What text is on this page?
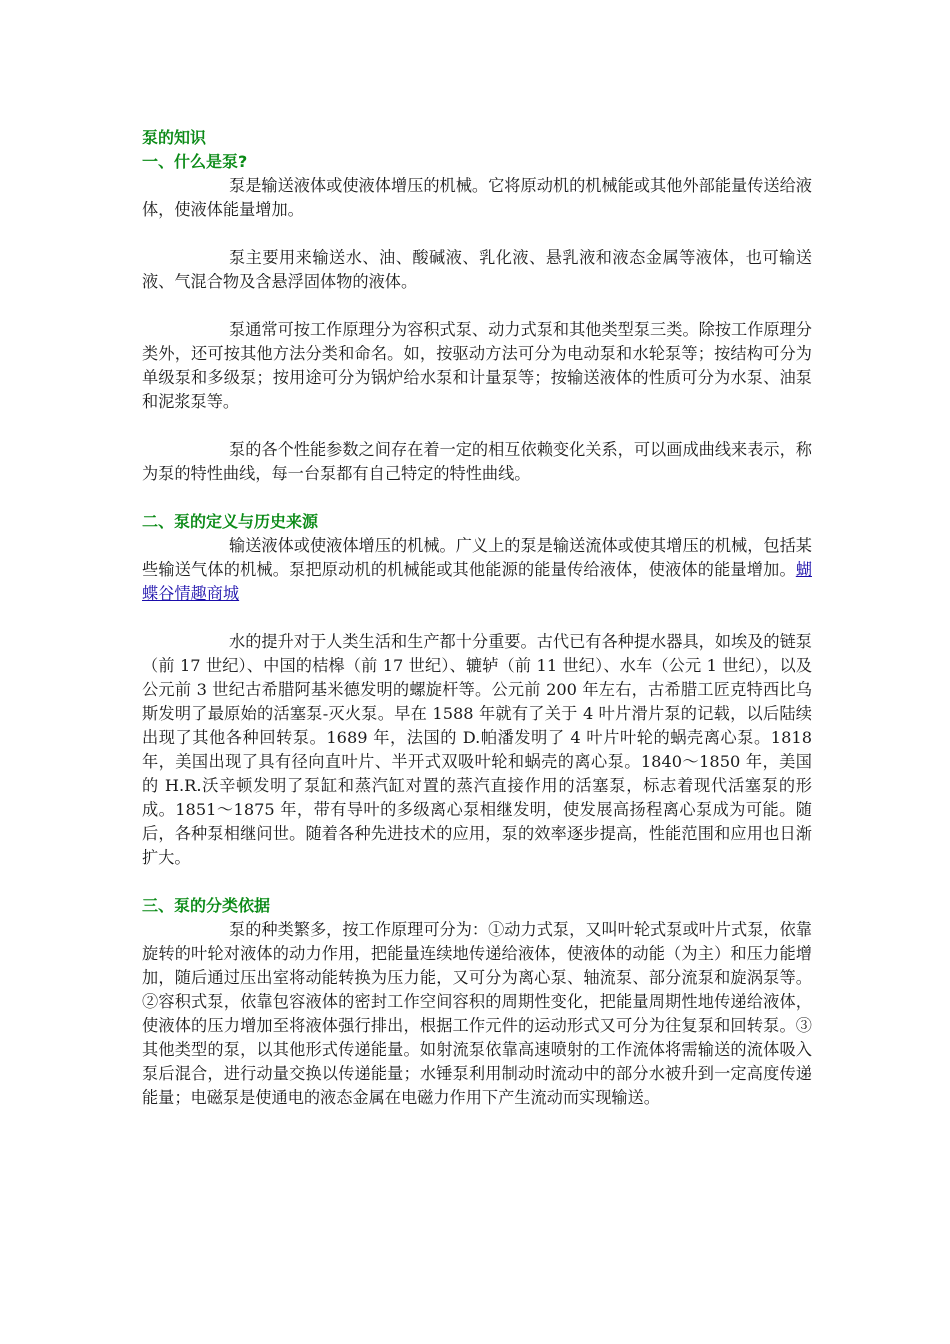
泵的知识

一、什么是泵?

泵是输送液体或使液体增压的机械。它将原动机的机械能或其他外部能量传送给液体，使液体能量增加。

泵主要用来输送水、油、酸碱液、乳化液、悬乳液和液态金属等液体，也可输送液、气混合物及含悬浮固体物的液体。

泵通常可按工作原理分为容积式泵、动力式泵和其他类型泵三类。除按工作原理分类外，还可按其他方法分类和命名。如，按驱动方法可分为电动泵和水轮泵等；按结构可分为单级泵和多级泵；按用途可分为锅炉给水泵和计量泵等；按输送液体的性质可分为水泵、油泵和泥浆泵等。

泵的各个性能参数之间存在着一定的相互依赖变化关系，可以画成曲线来表示，称为泵的特性曲线，每一台泵都有自己特定的特性曲线。

二、泵的定义与历史来源

输送液体或使液体增压的机械。广义上的泵是输送流体或使其增压的机械，包括某些输送气体的机械。泵把原动机的机械能或其他能源的能量传给液体，使液体的能量增加。蝴蝶谷情趣商城

水的提升对于人类生活和生产都十分重要。古代已有各种提水器具，如埃及的链泵（前 17 世纪）、中国的桔槔（前 17 世纪）、辘轳（前 11 世纪）、水车（公元 1 世纪），以及公元前 3 世纪古希腊阿基米德发明的螺旋杆等。公元前 200 年左右，古希腊工匠克特西比乌斯发明了最原始的活塞泵-灭火泵。早在 1588 年就有了关于 4 叶片滑片泵的记载，以后陆续出现了其他各种回转泵。1689 年，法国的 D.帕潘发明了 4 叶片叶轮的蜗壳离心泵。1818 年，美国出现了具有径向直叶片、半开式双吸叶轮和蜗壳的离心泵。1840～1850 年，美国的 H.R.沃辛顿发明了泵缸和蒸汽缸对置的蒸汽直接作用的活塞泵，标志着现代活塞泵的形成。1851～1875 年，带有导叶的多级离心泵相继发明，使发展高扬程离心泵成为可能。随后，各种泵相继问世。随着各种先进技术的应用，泵的效率逐步提高，性能范围和应用也日渐扩大。

三、泵的分类依据

泵的种类繁多，按工作原理可分为：①动力式泵，又叫叶轮式泵或叶片式泵，依靠旋转的叶轮对液体的动力作用，把能量连续地传递给液体，使液体的动能（为主）和压力能增加，随后通过压出室将动能转换为压力能，又可分为离心泵、轴流泵、部分流泵和旋涡泵等。②容积式泵，依靠包容液体的密封工作空间容积的周期性变化，把能量周期性地传递给液体，使液体的压力增加至将液体强行排出，根据工作元件的运动形式又可分为往复泵和回转泵。③其他类型的泵，以其他形式传递能量。如射流泵依靠高速喷射的工作流体将需输送的流体吸入泵后混合，进行动量交换以传递能量；水锤泵利用制动时流动中的部分水被升到一定高度传递能量；电磁泵是使通电的液态金属在电磁力作用下产生流动而实现输送。
